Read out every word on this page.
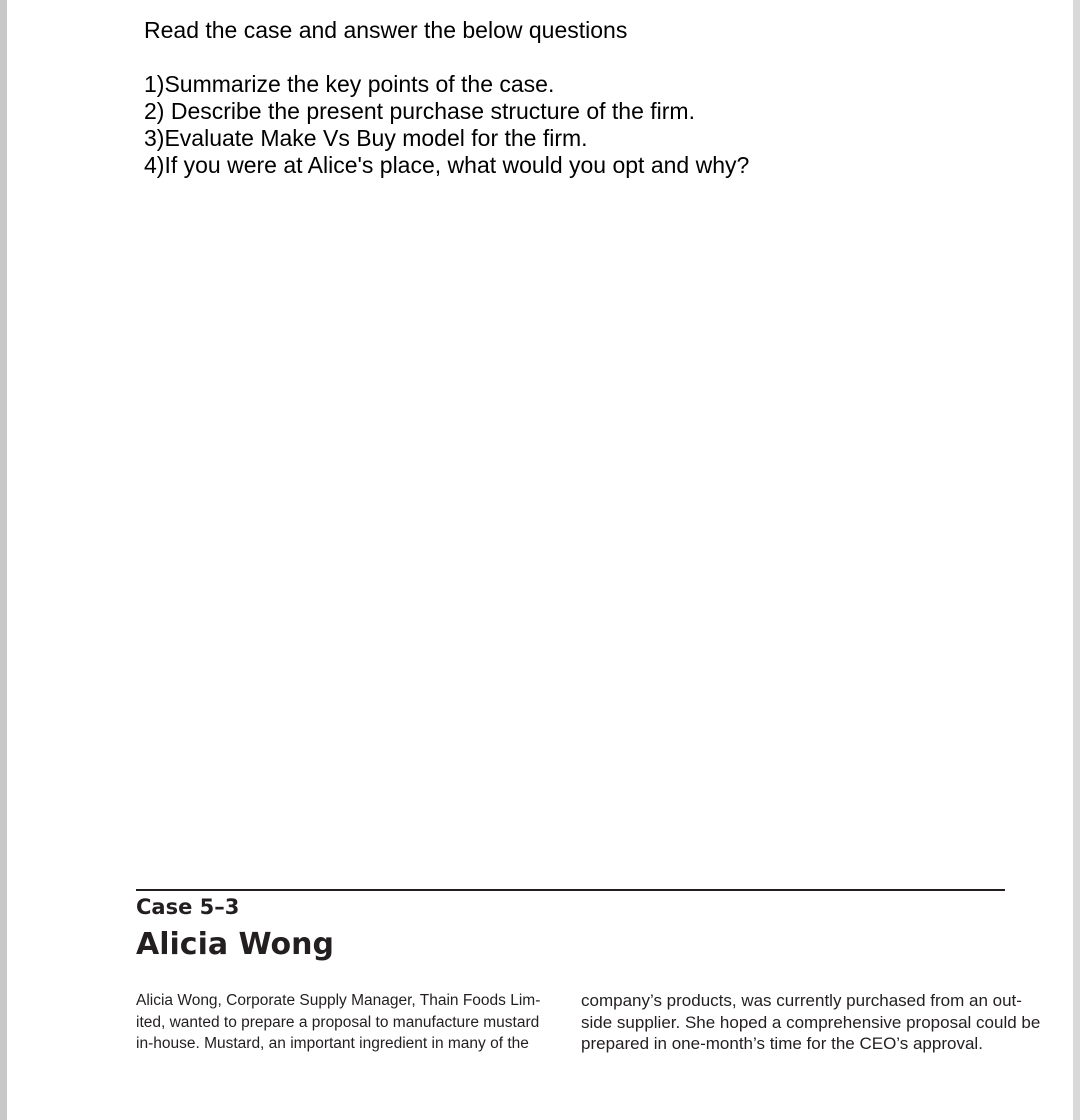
Read the case and answer the below questions

1)Summarize the key points of the case.

2) Describe the present purchase structure of the firm.

3)Evaluate Make Vs Buy model for the firm.

4)If you were at Alice's place, what would you opt and why?

Case 5–3
Alicia Wong
Alicia Wong, Corporate Supply Manager, Thain Foods Lim-
ited, wanted to prepare a proposal to manufacture mustard
in-house. Mustard, an important ingredient in many of the
company’s products, was currently purchased from an out-
side supplier. She hoped a comprehensive proposal could be
prepared in one-month’s time for the CEO’s approval.
